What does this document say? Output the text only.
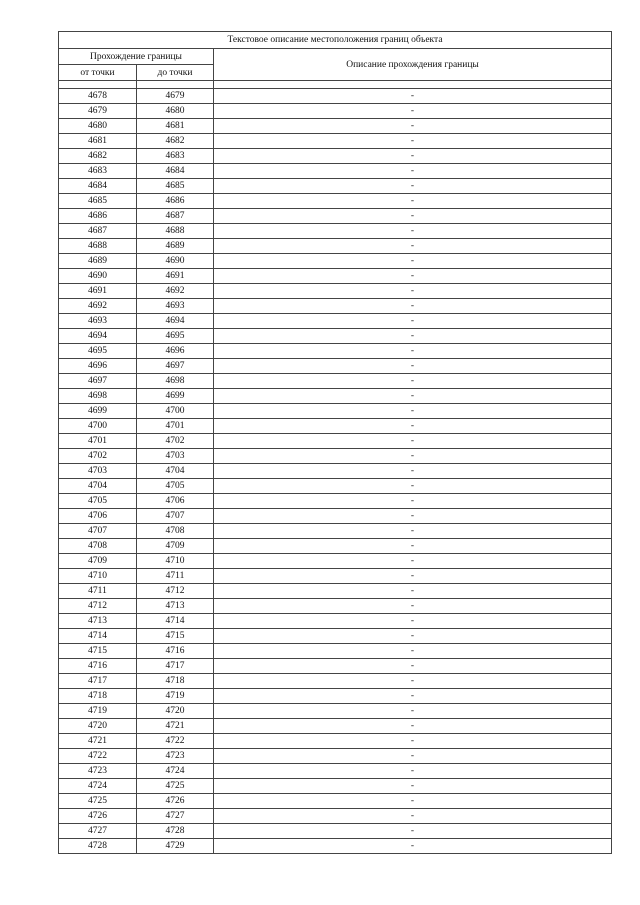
Текстовое описание местоположения границ объекта		
Прохождение границы		Описание прохождения границы
от точки	до точки	

4678	4679	-
4679	4680	-
4680	4681	-
4681	4682	-
4682	4683	-
4683	4684	-
4684	4685	-
4685	4686	-
4686	4687	-
4687	4688	-
4688	4689	-
4689	4690	-
4690	4691	-
4691	4692	-
4692	4693	-
4693	4694	-
4694	4695	-
4695	4696	-
4696	4697	-
4697	4698	-
4698	4699	-
4699	4700	-
4700	4701	-
4701	4702	-
4702	4703	-
4703	4704	-
4704	4705	-
4705	4706	-
4706	4707	-
4707	4708	-
4708	4709	-
4709	4710	-
4710	4711	-
4711	4712	-
4712	4713	-
4713	4714	-
4714	4715	-
4715	4716	-
4716	4717	-
4717	4718	-
4718	4719	-
4719	4720	-
4720	4721	-
4721	4722	-
4722	4723	-
4723	4724	-
4724	4725	-
4725	4726	-
4726	4727	-
4727	4728	-
4728	4729	-
